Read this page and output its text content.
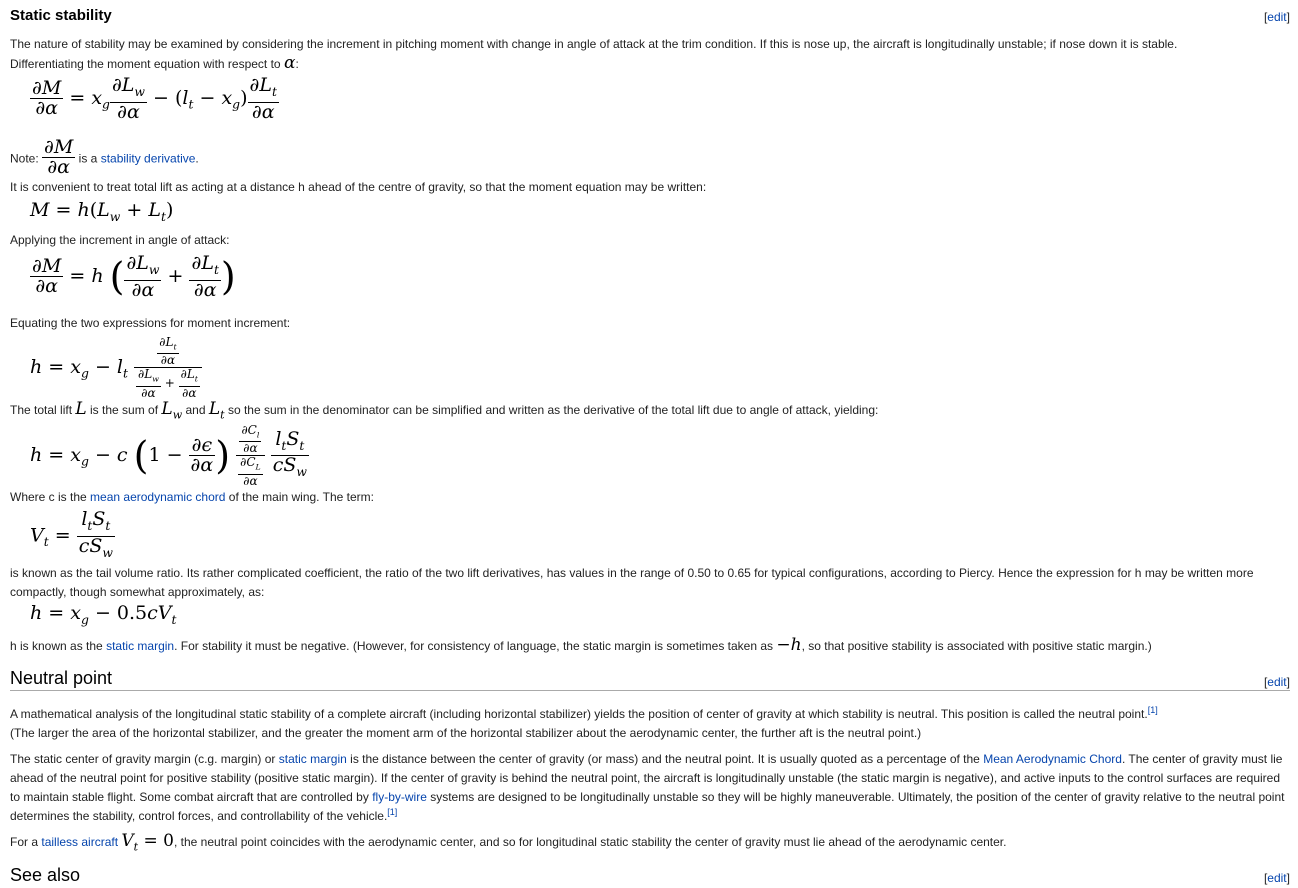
Static stability	[edit]
The nature of stability may be examined by considering the increment in pitching moment with change in angle of attack at the trim condition. If this is nose up, the aircraft is longitudinally unstable; if nose down it is stable.
Differentiating the moment equation with respect to α:
$\frac{\partial M}{\partial\alpha} = x_g \frac{\partial L_w}{\partial\alpha} - (l_t - x_g) \frac{\partial L_t}{\partial\alpha}$
Note: $\frac{\partial M}{\partial\alpha}$ is a stability derivative.
It is convenient to treat total lift as acting at a distance h ahead of the centre of gravity, so that the moment equation may be written:
$M = h(L_w + L_t)$
Applying the increment in angle of attack:
$\frac{\partial M}{\partial\alpha} = h$ ( $\frac{\partial L_w}{\partial\alpha} + \frac{\partial L_t}{\partial\alpha}$ )
Equating the two expressions for moment increment:
$h = x_g - l_t \frac{\frac{\partial L_t}{\partial\alpha}}{\frac{\partial L_w}{\partial\alpha} + \frac{\partial L_t}{\partial\alpha}}$
The total lift L is the sum of $L_w$ and $L_t$ so the sum in the denominator can be simplified and written as the derivative of the total lift due to angle of attack, yielding:
$h = x_g - c$ ($1 - \frac{\partial\epsilon}{\partial\alpha}$ ) $\frac{\frac{\partial C_l}{\partial\alpha}}{\frac{\partial C_L}{\partial\alpha}}$
$\frac{l_tS_t}{cS_w}$
Where c is the mean aerodynamic chord of the main wing. The term:
$V_t = \frac{l_tS_t}{cS_w}$
is known as the tail volume ratio. Its rather complicated coefficient, the ratio of the two lift derivatives, has values in the range of 0.50 to 0.65 for typical configurations, according to Piercy. Hence the expression for h may be written more compactly, though somewhat approximately, as:
$h = x_g - 0.5cV_t$
h is known as the static margin. For stability it must be negative. (However, for consistency of language, the static margin is sometimes taken as −h, so that positive stability is associated with positive static margin.)
Neutral point	[edit]
A mathematical analysis of the longitudinal static stability of a complete aircraft (including horizontal stabilizer) yields the position of center of gravity at which stability is neutral. This position is called the neutral point.[1]
(The larger the area of the horizontal stabilizer, and the greater the moment arm of the horizontal stabilizer about the aerodynamic center, the further aft is the neutral point.)
The static center of gravity margin (c.g. margin) or static margin is the distance between the center of gravity (or mass) and the neutral point. It is usually quoted as a percentage of the Mean Aerodynamic Chord. The center of gravity must lie ahead of the neutral point for positive stability (positive static margin). If the center of gravity is behind the neutral point, the aircraft is longitudinally unstable (the static margin is negative), and active inputs to the control surfaces are required to maintain stable flight. Some combat aircraft that are controlled by fly-by-wire systems are designed to be longitudinally unstable so they will be highly maneuverable. Ultimately, the position of the center of gravity relative to the neutral point determines the stability, control forces, and controllability of the vehicle.[1]
For a tailless aircraft $V_t = 0$, the neutral point coincides with the aerodynamic center, and so for longitudinal static stability the center of gravity must lie ahead of the aerodynamic center.
See also	[edit]
